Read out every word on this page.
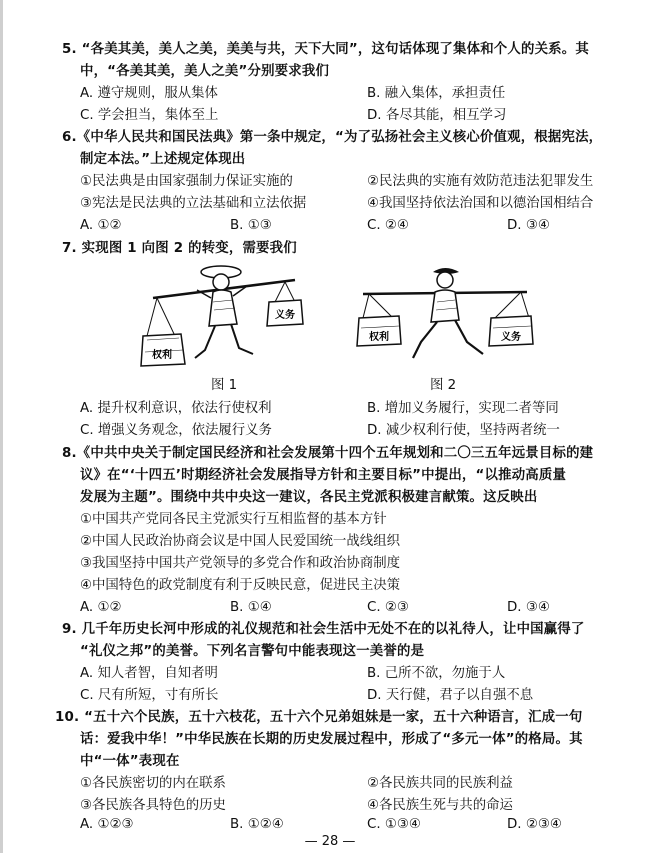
5. “各美其美，美人之美，美美与共，天下大同”，这句话体现了集体和个人的关系。其
中，“各美其美，美人之美”分别要求我们
A. 遵守规则，服从集体	B. 融入集体，承担责任
C. 学会担当，集体至上	D. 各尽其能，相互学习
6.《中华人民共和国民法典》第一条中规定，“为了弘扬社会主义核心价值观，根据宪法，
制定本法。”上述规定体现出
①民法典是由国家强制力保证实施的	②民法典的实施有效防范违法犯罪发生
③宪法是民法典的立法基础和立法依据	④我国坚持依法治国和以德治国相结合
A. ①②	B. ①③	C. ②④	D. ③④
7. 实现图 1 向图 2 的转变，需要我们
权利
义务
图 1
权利	义务
图 2
A. 提升权利意识，依法行使权利	B. 增加义务履行，实现二者等同
C. 增强义务观念，依法履行义务	D. 减少权利行使，坚持两者统一
8.《中共中央关于制定国民经济和社会发展第十四个五年规划和二〇三五年远景目标的建
议》在“‘十四五’时期经济社会发展指导方针和主要目标”中提出，“以推动高质量
发展为主题”。围绕中共中央这一建议，各民主党派积极建言献策。这反映出
①中国共产党同各民主党派实行互相监督的基本方针
②中国人民政治协商会议是中国人民爱国统一战线组织
③我国坚持中国共产党领导的多党合作和政治协商制度
④中国特色的政党制度有利于反映民意，促进民主决策
A. ①②	B. ①④	C. ②③	D. ③④
9. 几千年历史长河中形成的礼仪规范和社会生活中无处不在的以礼待人，让中国赢得了
“礼仪之邦”的美誉。下列名言警句中能表现这一美誉的是
A. 知人者智，自知者明	B. 己所不欲，勿施于人
C. 尺有所短，寸有所长	D. 天行健，君子以自强不息
10. “五十六个民族，五十六枝花，五十六个兄弟姐妹是一家，五十六种语言，汇成一句
话：爱我中华！”中华民族在长期的历史发展过程中，形成了“多元一体”的格局。其
中“一体”表现在
①各民族密切的内在联系	②各民族共同的民族利益
③各民族各具特色的历史	④各民族生死与共的命运
A. ①②③	B. ①②④	C. ①③④	D. ②③④
— 28 —
